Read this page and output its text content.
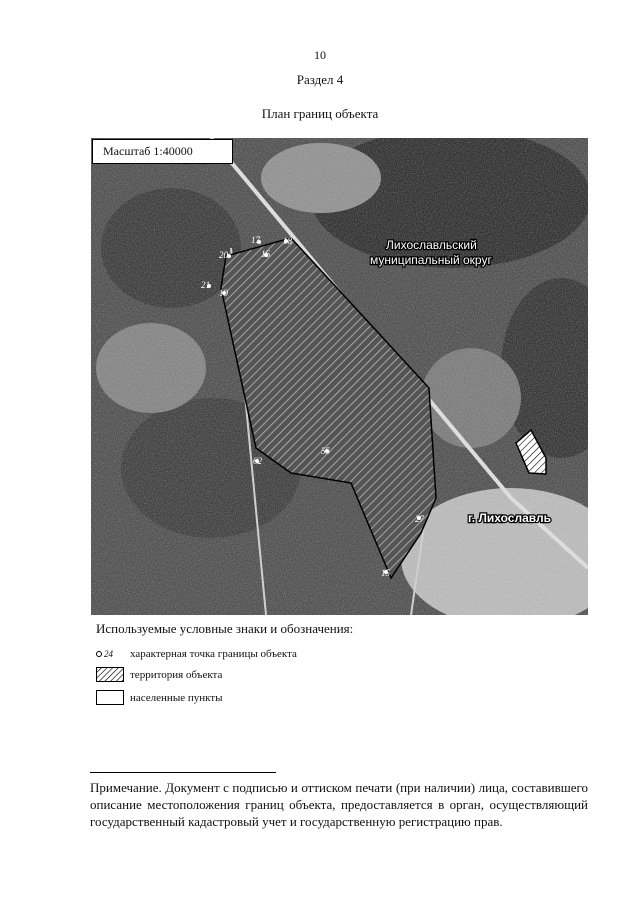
10
Раздел 4
План границ объекта
17	18
16
20
21
19
62
55
27
15
Лихославльский
муниципальный округ
г. Лихославль
Масштаб 1:40000
Используемые условные знаки и обозначения:
24 характерная точка границы объекта
территория объекта
населенные пункты
Примечание. Документ с подписью и оттиском печати (при наличии) лица, составившего описание местоположения границ объекта, предоставляется в орган, осуществляющий государственный кадастровый учет и государственную регистрацию прав.
